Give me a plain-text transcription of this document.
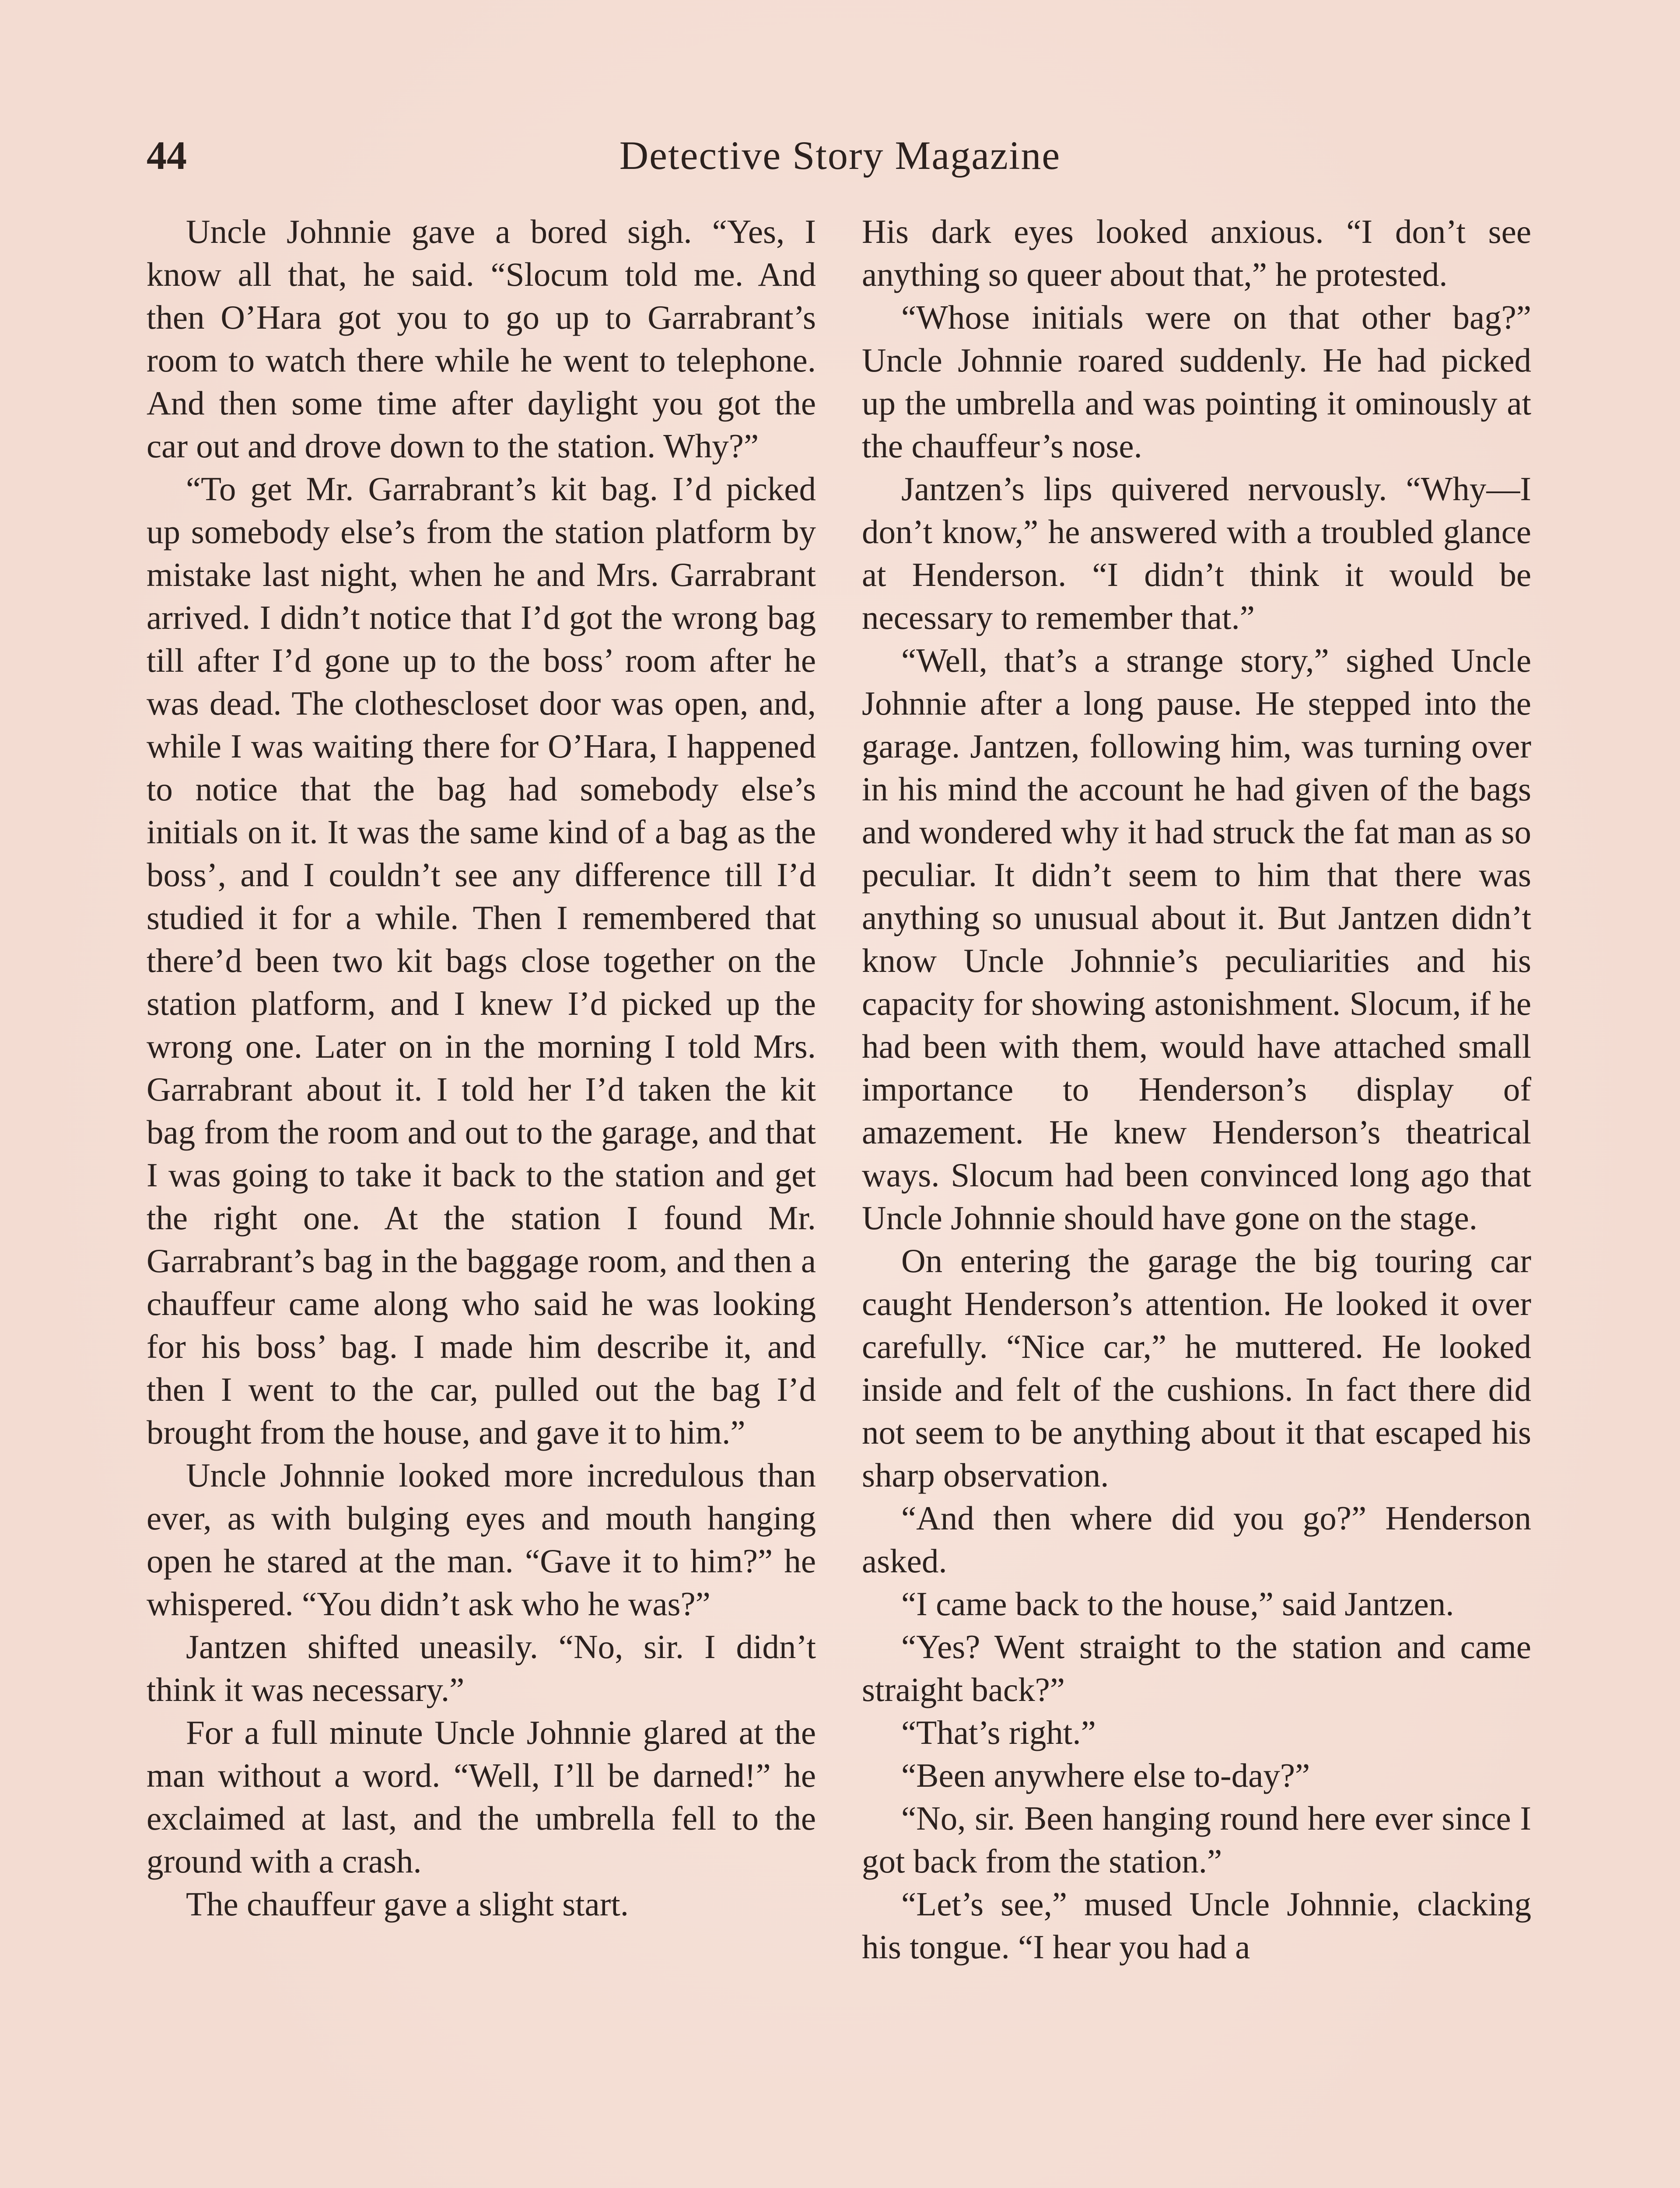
44	Detective Story Magazine

Uncle Johnnie gave a bored sigh. “Yes, I know all that, he said. “Slocum told me. And then O’Hara got you to go up to Garrabrant’s room to watch there while he went to telephone. And then some time after daylight you got the car out and drove down to the station. Why?”

“To get Mr. Garrabrant’s kit bag. I’d picked up somebody else’s from the station platform by mistake last night, when he and Mrs. Garrabrant arrived. I didn’t notice that I’d got the wrong bag till after I’d gone up to the boss’ room after he was dead. The clothescloset door was open, and, while I was waiting there for O’Hara, I happened to notice that the bag had somebody else’s initials on it. It was the same kind of a bag as the boss’, and I couldn’t see any difference till I’d studied it for a while. Then I remembered that there’d been two kit bags close together on the station platform, and I knew I’d picked up the wrong one. Later on in the morning I told Mrs. Garrabrant about it. I told her I’d taken the kit bag from the room and out to the garage, and that I was going to take it back to the station and get the right one. At the station I found Mr. Garrabrant’s bag in the baggage room, and then a chauffeur came along who said he was looking for his boss’ bag. I made him describe it, and then I went to the car, pulled out the bag I’d brought from the house, and gave it to him.”

Uncle Johnnie looked more incredulous than ever, as with bulging eyes and mouth hanging open he stared at the man. “Gave it to him?” he whispered. “You didn’t ask who he was?”

Jantzen shifted uneasily. “No, sir. I didn’t think it was necessary.”

For a full minute Uncle Johnnie glared at the man without a word. “Well, I’ll be darned!” he exclaimed at last, and the umbrella fell to the ground with a crash.

The chauffeur gave a slight start.

His dark eyes looked anxious. “I don’t see anything so queer about that,” he protested.

“Whose initials were on that other bag?” Uncle Johnnie roared suddenly. He had picked up the umbrella and was pointing it ominously at the chauffeur’s nose.

Jantzen’s lips quivered nervously. “Why—I don’t know,” he answered with a troubled glance at Henderson. “I didn’t think it would be necessary to remember that.”

“Well, that’s a strange story,” sighed Uncle Johnnie after a long pause. He stepped into the garage. Jantzen, following him, was turning over in his mind the account he had given of the bags and wondered why it had struck the fat man as so peculiar. It didn’t seem to him that there was anything so unusual about it. But Jantzen didn’t know Uncle Johnnie’s peculiarities and his capacity for showing astonishment. Slocum, if he had been with them, would have attached small importance to Henderson’s display of amazement. He knew Henderson’s theatrical ways. Slocum had been convinced long ago that Uncle Johnnie should have gone on the stage.

On entering the garage the big touring car caught Henderson’s attention. He looked it over carefully. “Nice car,” he muttered. He looked inside and felt of the cushions. In fact there did not seem to be anything about it that escaped his sharp observation.

“And then where did you go?” Henderson asked.

“I came back to the house,” said Jantzen.

“Yes? Went straight to the station and came straight back?”

“That’s right.”

“Been anywhere else to-day?”

“No, sir. Been hanging round here ever since I got back from the station.”

“Let’s see,” mused Uncle Johnnie, clacking his tongue. “I hear you had a
